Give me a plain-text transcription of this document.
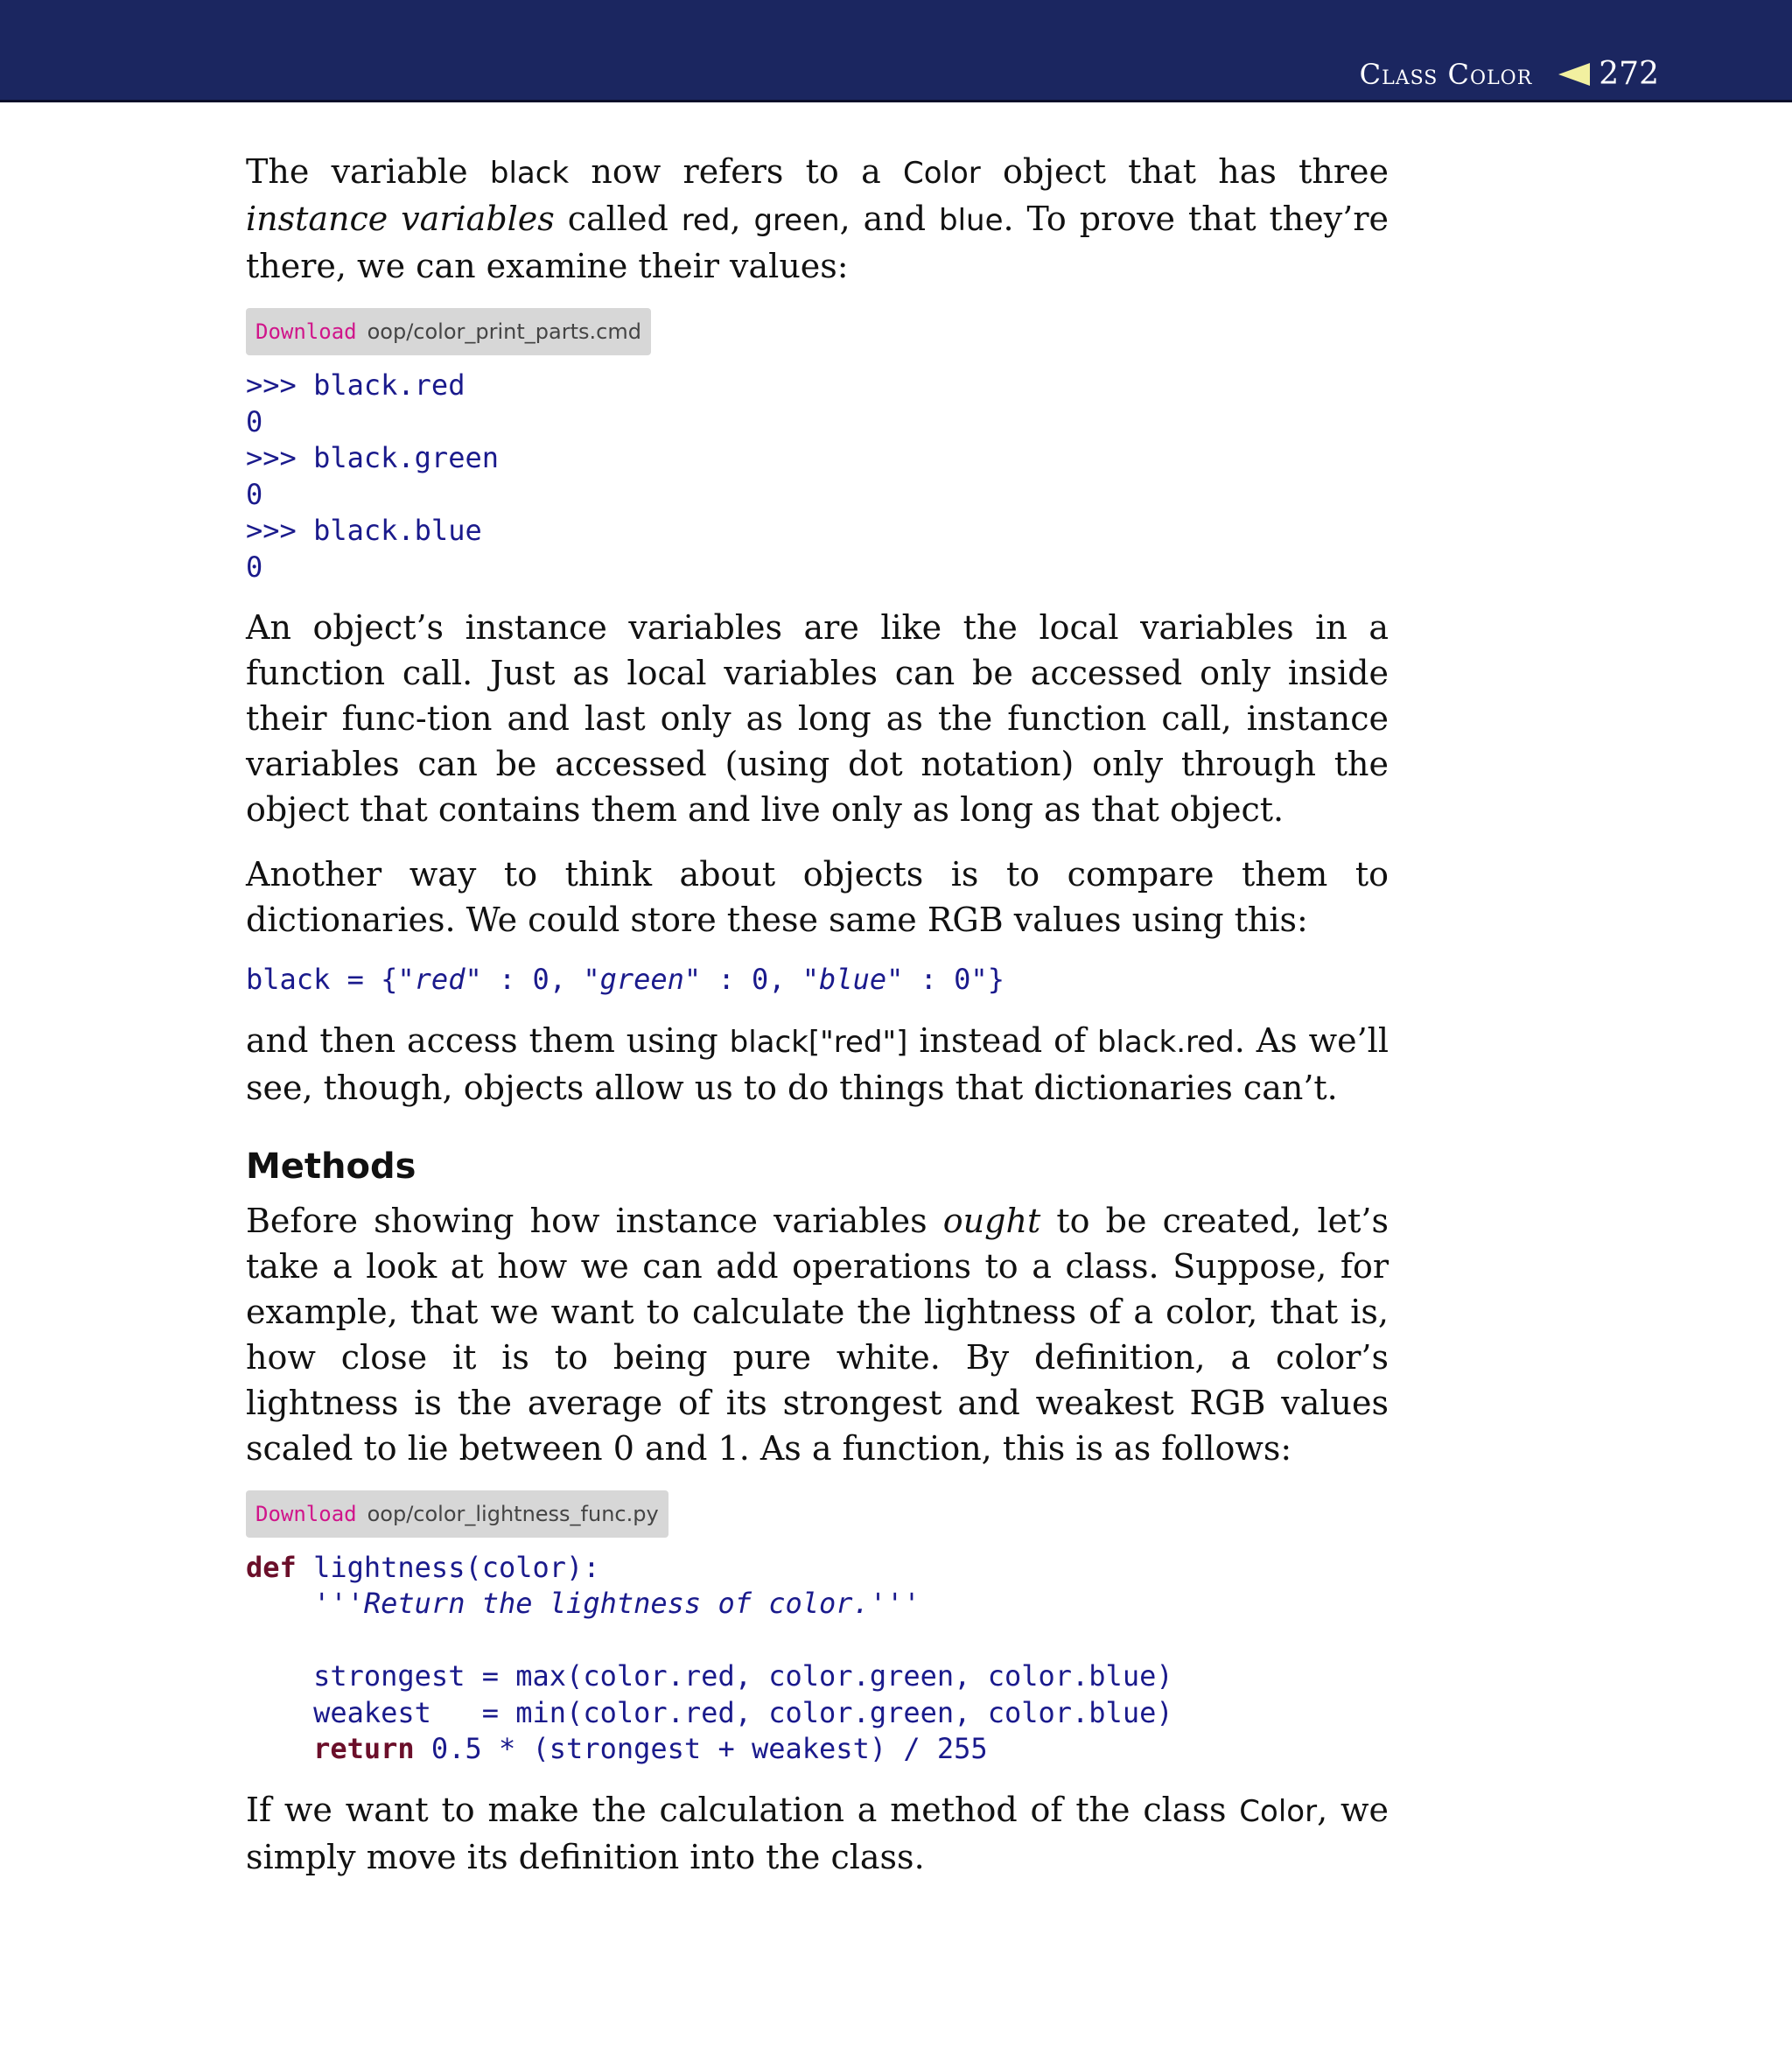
Class Color 272

The variable black now refers to a Color object that has three instance variables called red, green, and blue. To prove that they’re there, we can examine their values:

Download oop/color_print_parts.cmd
>>> black.red
0
>>> black.green
0
>>> black.blue
0

An object’s instance variables are like the local variables in a function call. Just as local variables can be accessed only inside their func-tion and last only as long as the function call, instance variables can be accessed (using dot notation) only through the object that contains them and live only as long as that object.

Another way to think about objects is to compare them to dictionaries. We could store these same RGB values using this:

black = {"red" : 0, "green" : 0, "blue" : 0"}

and then access them using black["red"] instead of black.red. As we’ll see, though, objects allow us to do things that dictionaries can’t.

Methods

Before showing how instance variables ought to be created, let’s take a look at how we can add operations to a class. Suppose, for example, that we want to calculate the lightness of a color, that is, how close it is to being pure white. By definition, a color’s lightness is the average of its strongest and weakest RGB values scaled to lie between 0 and 1. As a function, this is as follows:

Download oop/color_lightness_func.py
def lightness(color):
'''Return the lightness of color.'''

strongest = max(color.red, color.green, color.blue)
weakest   = min(color.red, color.green, color.blue)
return 0.5 * (strongest + weakest) / 255

If we want to make the calculation a method of the class Color, we simply move its definition into the class.
